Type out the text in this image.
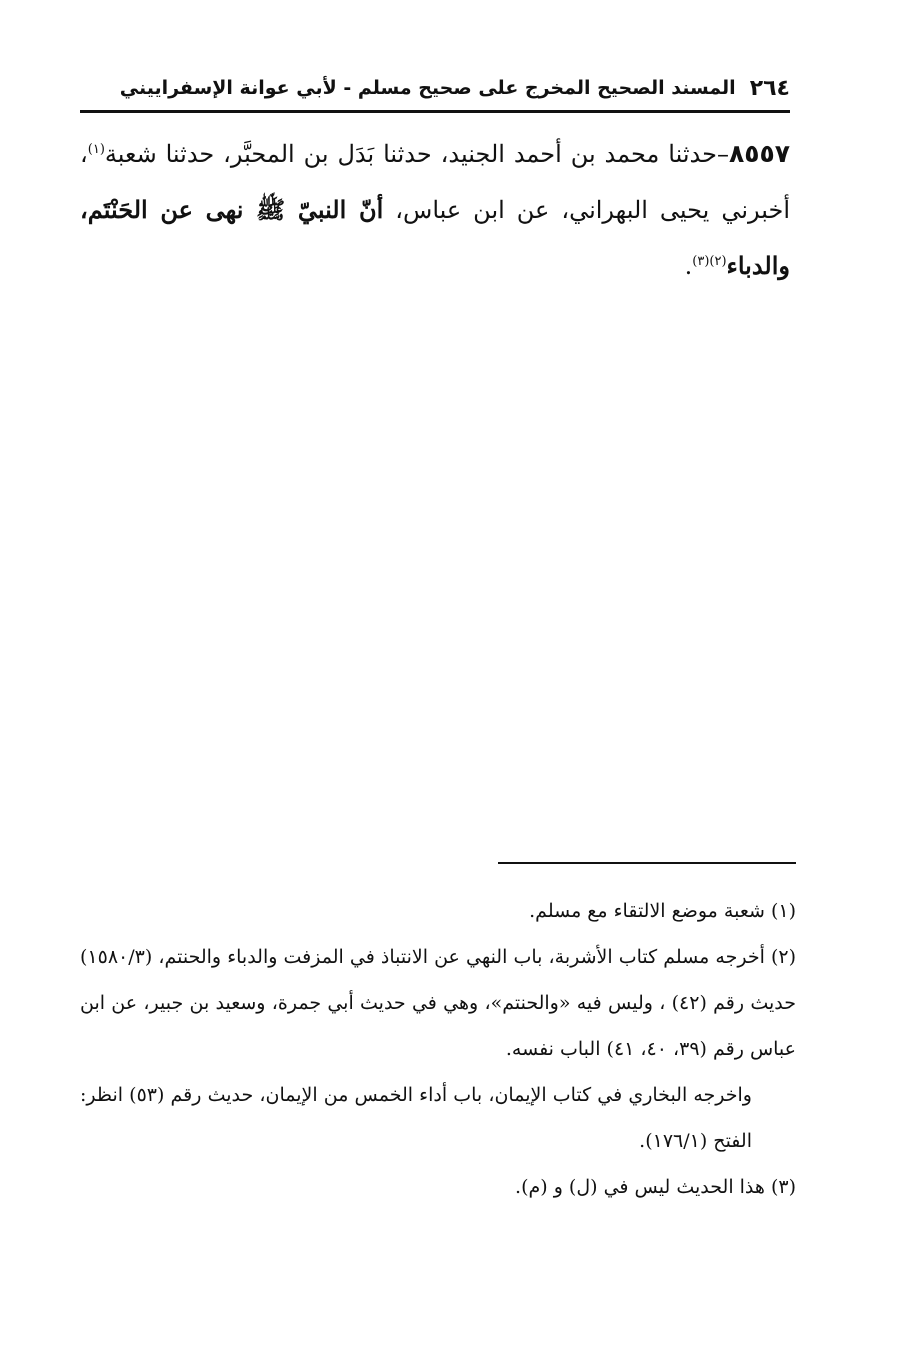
٢٦٤
المسند الصحيح المخرج على صحيح مسلم - لأبي عوانة الإسفراييني
٨٥٥٧–حدثنا محمد بن أحمد الجنيد، حدثنا بَدَل بن المحبَّر، حدثنا شعبة$^{(١)}$، أخبرني يحيى البهراني، عن ابن عباس، أنّ النبيّ ﷺ نهى عن الحَنْتَم، والدباء$^{(٢)(٣)}$.
(١) شعبة موضع الالتقاء مع مسلم.
(٢) أخرجه مسلم كتاب الأشربة، باب النهي عن الانتباذ في المزفت والدباء والحنتم، (١٥٨٠/٣) حديث رقم (٤٢) ، وليس فيه «والحنتم»، وهي في حديث أبي جمرة، وسعيد بن جبير، عن ابن عباس رقم (٣٩، ٤٠، ٤١) الباب نفسه.
واخرجه البخاري في كتاب الإيمان، باب أداء الخمس من الإيمان، حديث رقم (٥٣) انظر: الفتح (١٧٦/١).
(٣) هذا الحديث ليس في (ل) و (م).
